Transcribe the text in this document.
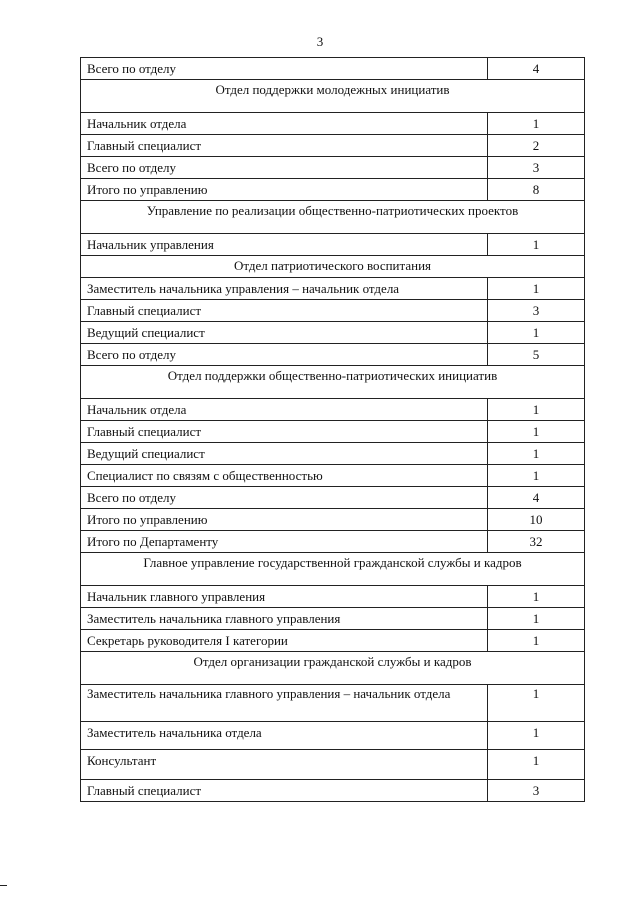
3
Всего по отделу	4
Отдел поддержки молодежных инициатив	
Начальник отдела	1
Главный специалист	2
Всего по отделу	3
Итого по управлению	8
Управление по реализации общественно-патриотических проектов	
Начальник управления	1
Отдел патриотического воспитания	
Заместитель начальника управления – начальник отдела	1
Главный специалист	3
Ведущий специалист	1
Всего по отделу	5
Отдел поддержки общественно-патриотических инициатив	
Начальник отдела	1
Главный специалист	1
Ведущий специалист	1
Специалист по связям с общественностью	1
Всего по отделу	4
Итого по управлению	10
Итого по Департаменту	32
Главное управление государственной гражданской службы и кадров	
Начальник главного управления	1
Заместитель начальника главного управления	1
Секретарь руководителя I категории	1
Отдел организации гражданской службы и кадров	
Заместитель начальника главного управления – начальник отдела	1
Заместитель начальника отдела	1
Консультант	1
Главный специалист	3
